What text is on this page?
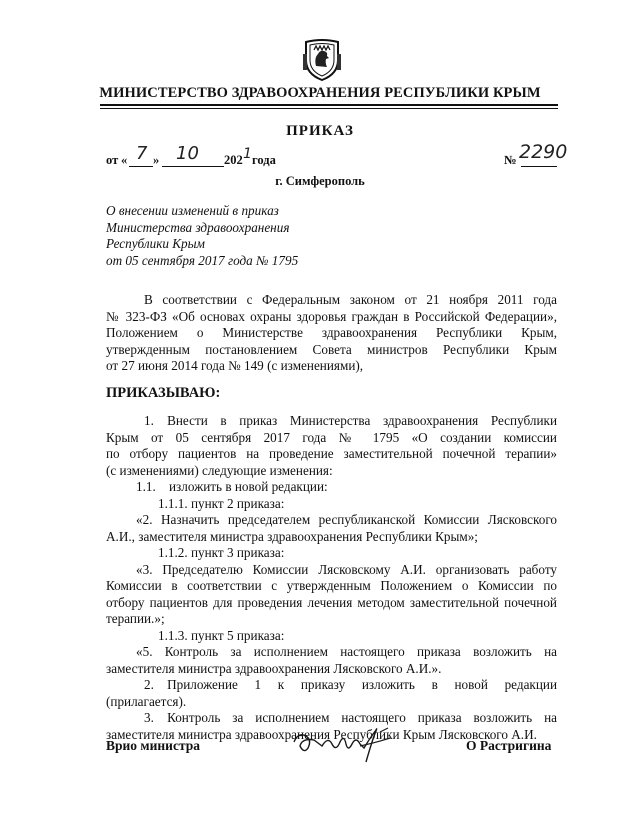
МИНИСТЕРСТВО ЗДРАВООХРАНЕНИЯ РЕСПУБЛИКИ КРЫМ
ПРИКАЗ
от « 7 » 10 202 1 года	№ 2290
г. Симферополь
О внесении изменений в приказ
Министерства здравоохранения
Республики Крым
от 05 сентября 2017 года № 1795
В соответствии с Федеральным законом от 21 ноября 2011 года
№ 323-ФЗ «Об основах охраны здоровья граждан в Российской Федерации»,
Положением о Министерстве здравоохранения Республики Крым,
утвержденным постановлением Совета министров Республики Крым
от 27 июня 2014 года № 149 (с изменениями),
ПРИКАЗЫВАЮ:
1. Внести в приказ Министерства здравоохранения Республики
Крым от 05 сентября 2017 года № 1795 «О создании комиссии
по отбору пациентов на проведение заместительной почечной терапии»
(с изменениями) следующие изменения:
1.1. изложить в новой редакции:
1.1.1. пункт 2 приказа:
«2. Назначить председателем республиканской Комиссии Лясковского
А.И., заместителя министра здравоохранения Республики Крым»;
1.1.2. пункт 3 приказа:
«3. Председателю Комиссии Лясковскому А.И. организовать работу
Комиссии в соответствии с утвержденным Положением о Комиссии по
отбору пациентов для проведения лечения методом заместительной почечной
терапии.»;
1.1.3. пункт 5 приказа:
«5. Контроль за исполнением настоящего приказа возложить на
заместителя министра здравоохранения Лясковского А.И.».
2. Приложение 1 к приказу изложить в новой редакции
(прилагается).
3. Контроль за исполнением настоящего приказа возложить на
заместителя министра здравоохранения Республики Крым Лясковского А.И.
Врио министра	О Растригина
